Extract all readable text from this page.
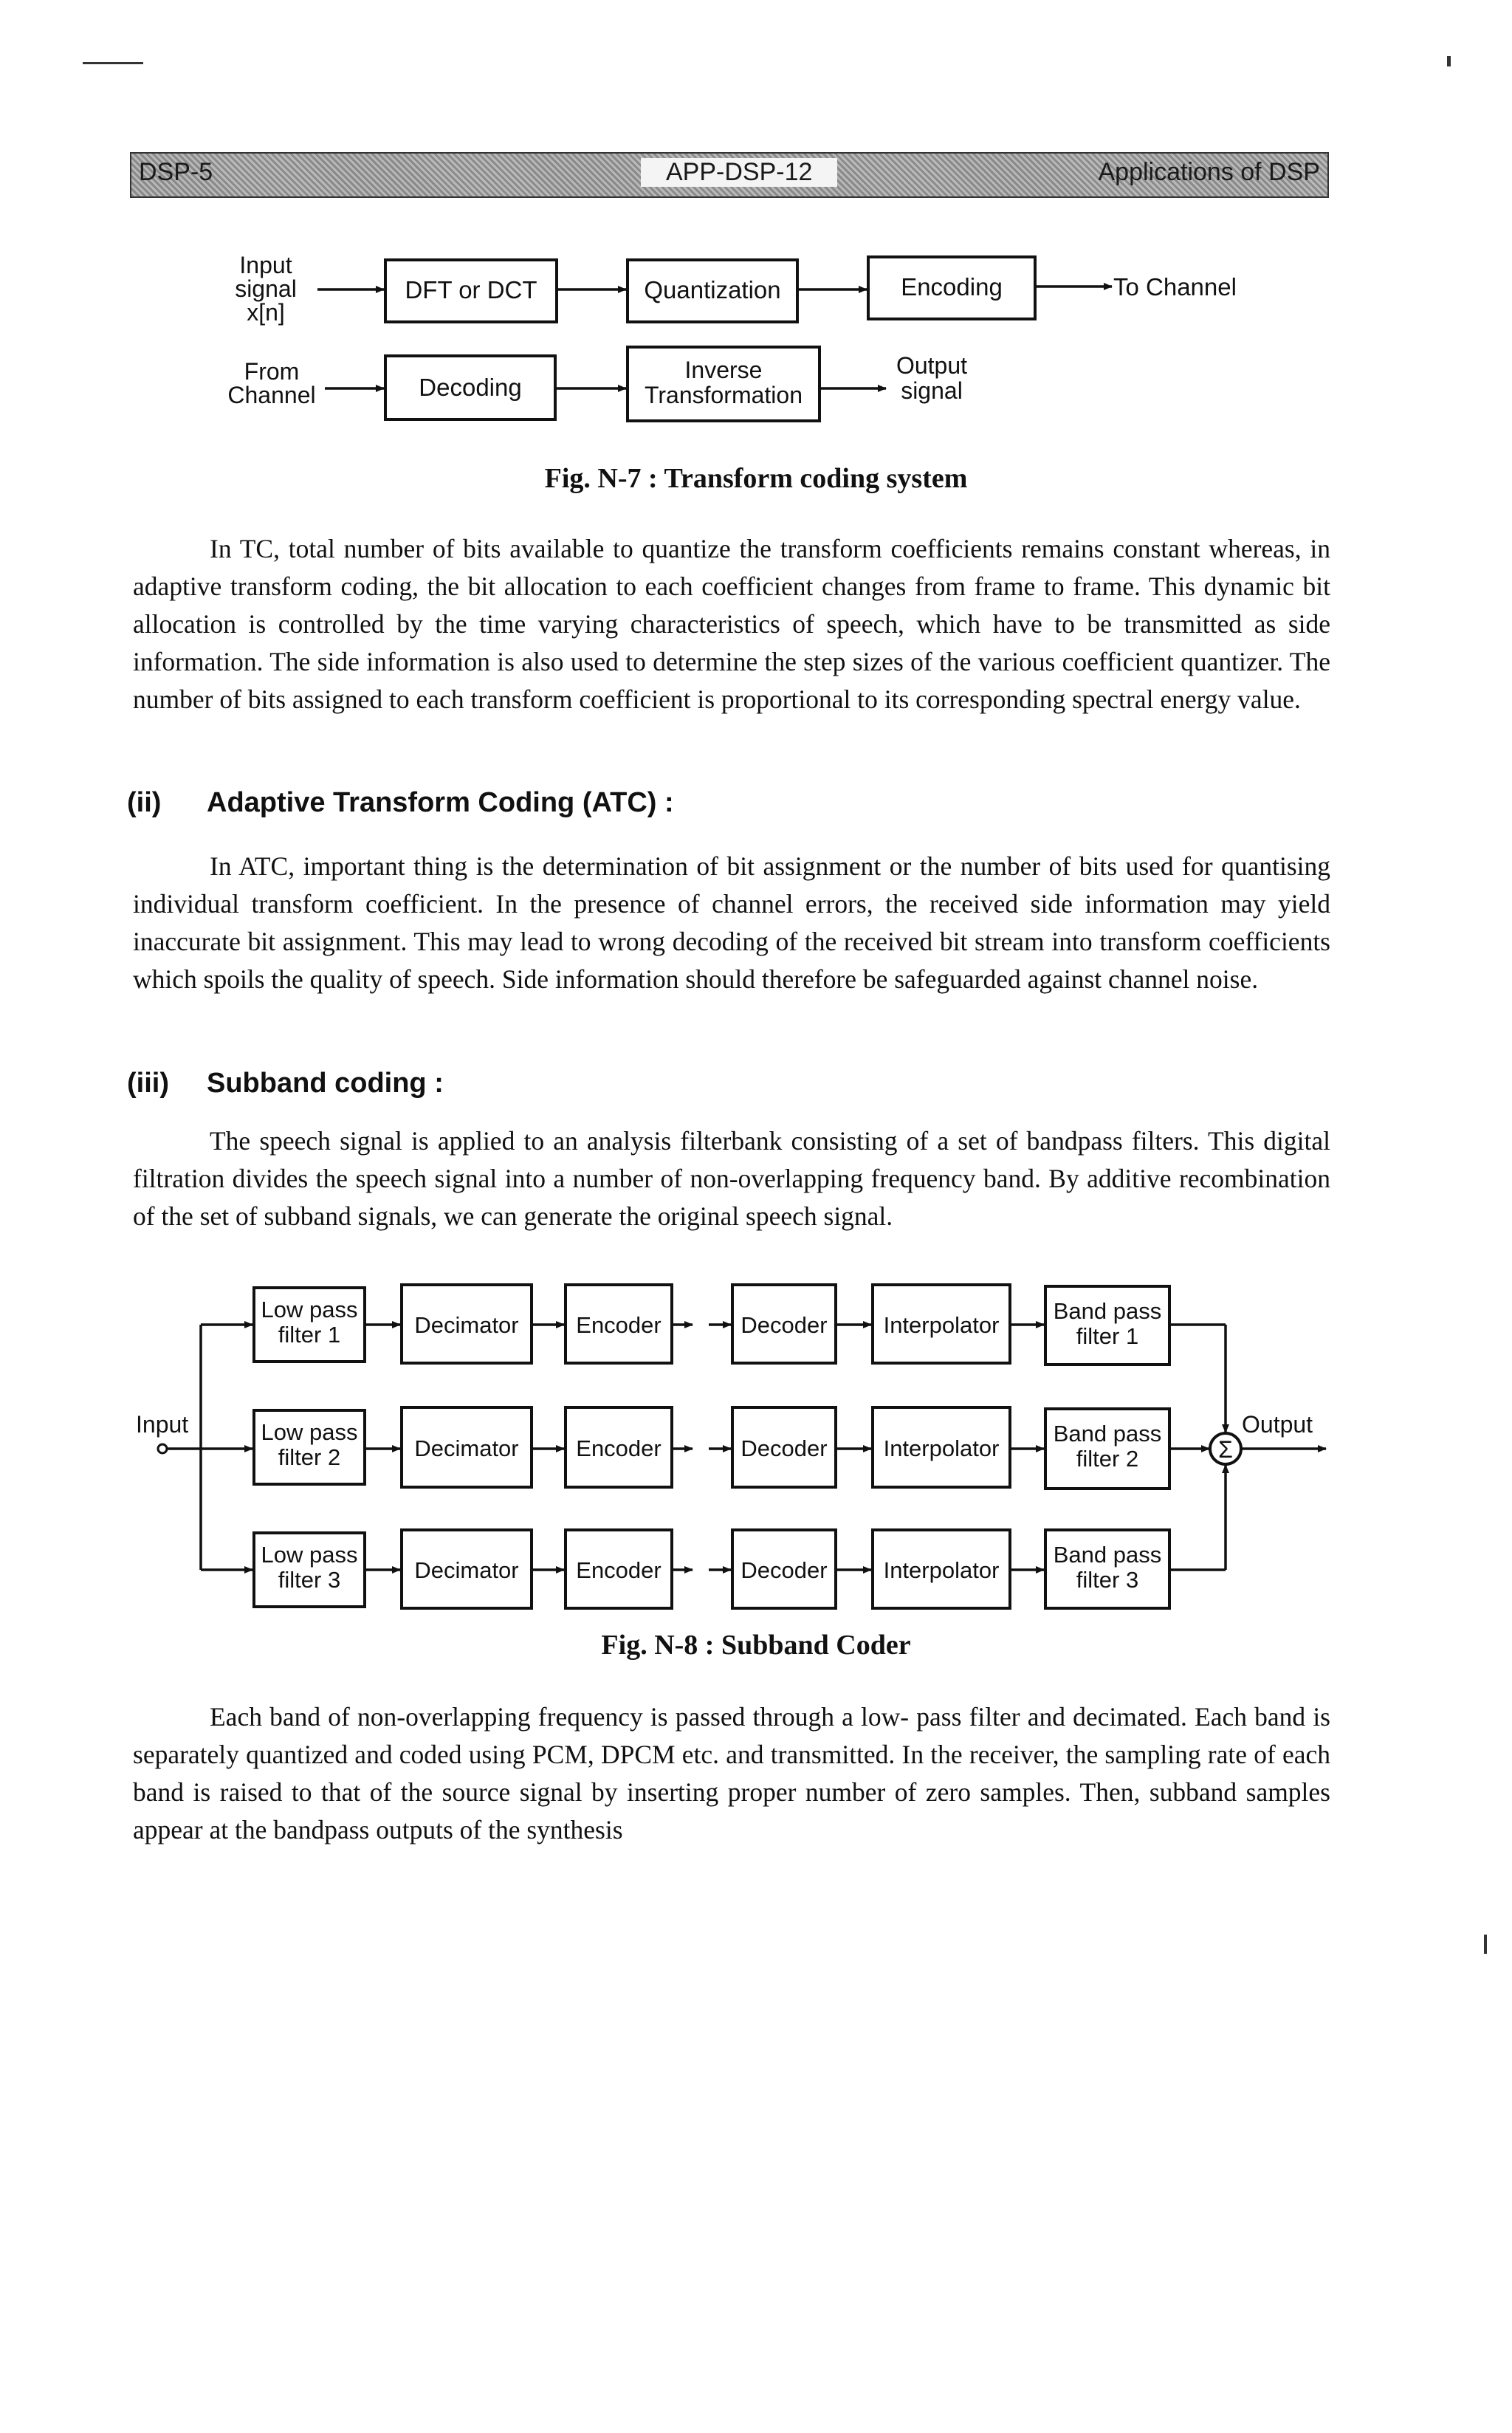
DSP-5	APP-DSP-12	Applications of DSP
Input
signal
x[n]
DFT or DCT	Quantization	Encoding	To Channel
From
Channel	Decoding
Inverse
Transformation
Output
signal
Fig. N-7 : Transform coding system

In TC, total number of bits available to quantize the transform coefficients remains constant whereas, in adaptive transform coding, the bit allocation to each coefficient changes from frame to frame. This dynamic bit allocation is controlled by the time varying characteristics of speech, which have to be transmitted as side information. The side information is also used to determine the step sizes of the various coefficient quantizer. The number of bits assigned to each transform coefficient is proportional to its corresponding spectral energy value.

(ii) Adaptive Transform Coding (ATC) :

In ATC, important thing is the determination of bit assignment or the number of bits used for quantising individual transform coefficient. In the presence of channel errors, the received side information may yield inaccurate bit assignment. This may lead to wrong decoding of the received bit stream into transform coefficients which spoils the quality of speech. Side information should therefore be safeguarded against channel noise.

(iii) Subband coding :

The speech signal is applied to an analysis filterbank consisting of a set of bandpass filters. This digital filtration divides the speech signal into a number of non-overlapping frequency band. By additive recombination of the set of subband signals, we can generate the original speech signal.

Input
Low pass
filter 1	Decimator	Encoder	Decoder Interpolator
Band pass
filter 1
Low pass
filter 2	Decimator	Encoder	Decoder Interpolator
Band pass
filter 2
Low pass
filter 3	Decimator	Encoder	Decoder Interpolator
Band pass
filter 3
Σ
Output
Fig. N-8 : Subband Coder

Each band of non-overlapping frequency is passed through a low- pass filter and decimated. Each band is separately quantized and coded using PCM, DPCM etc. and transmitted. In the receiver, the sampling rate of each band is raised to that of the source signal by inserting proper number of zero samples. Then, subband samples appear at the bandpass outputs of the synthesis
